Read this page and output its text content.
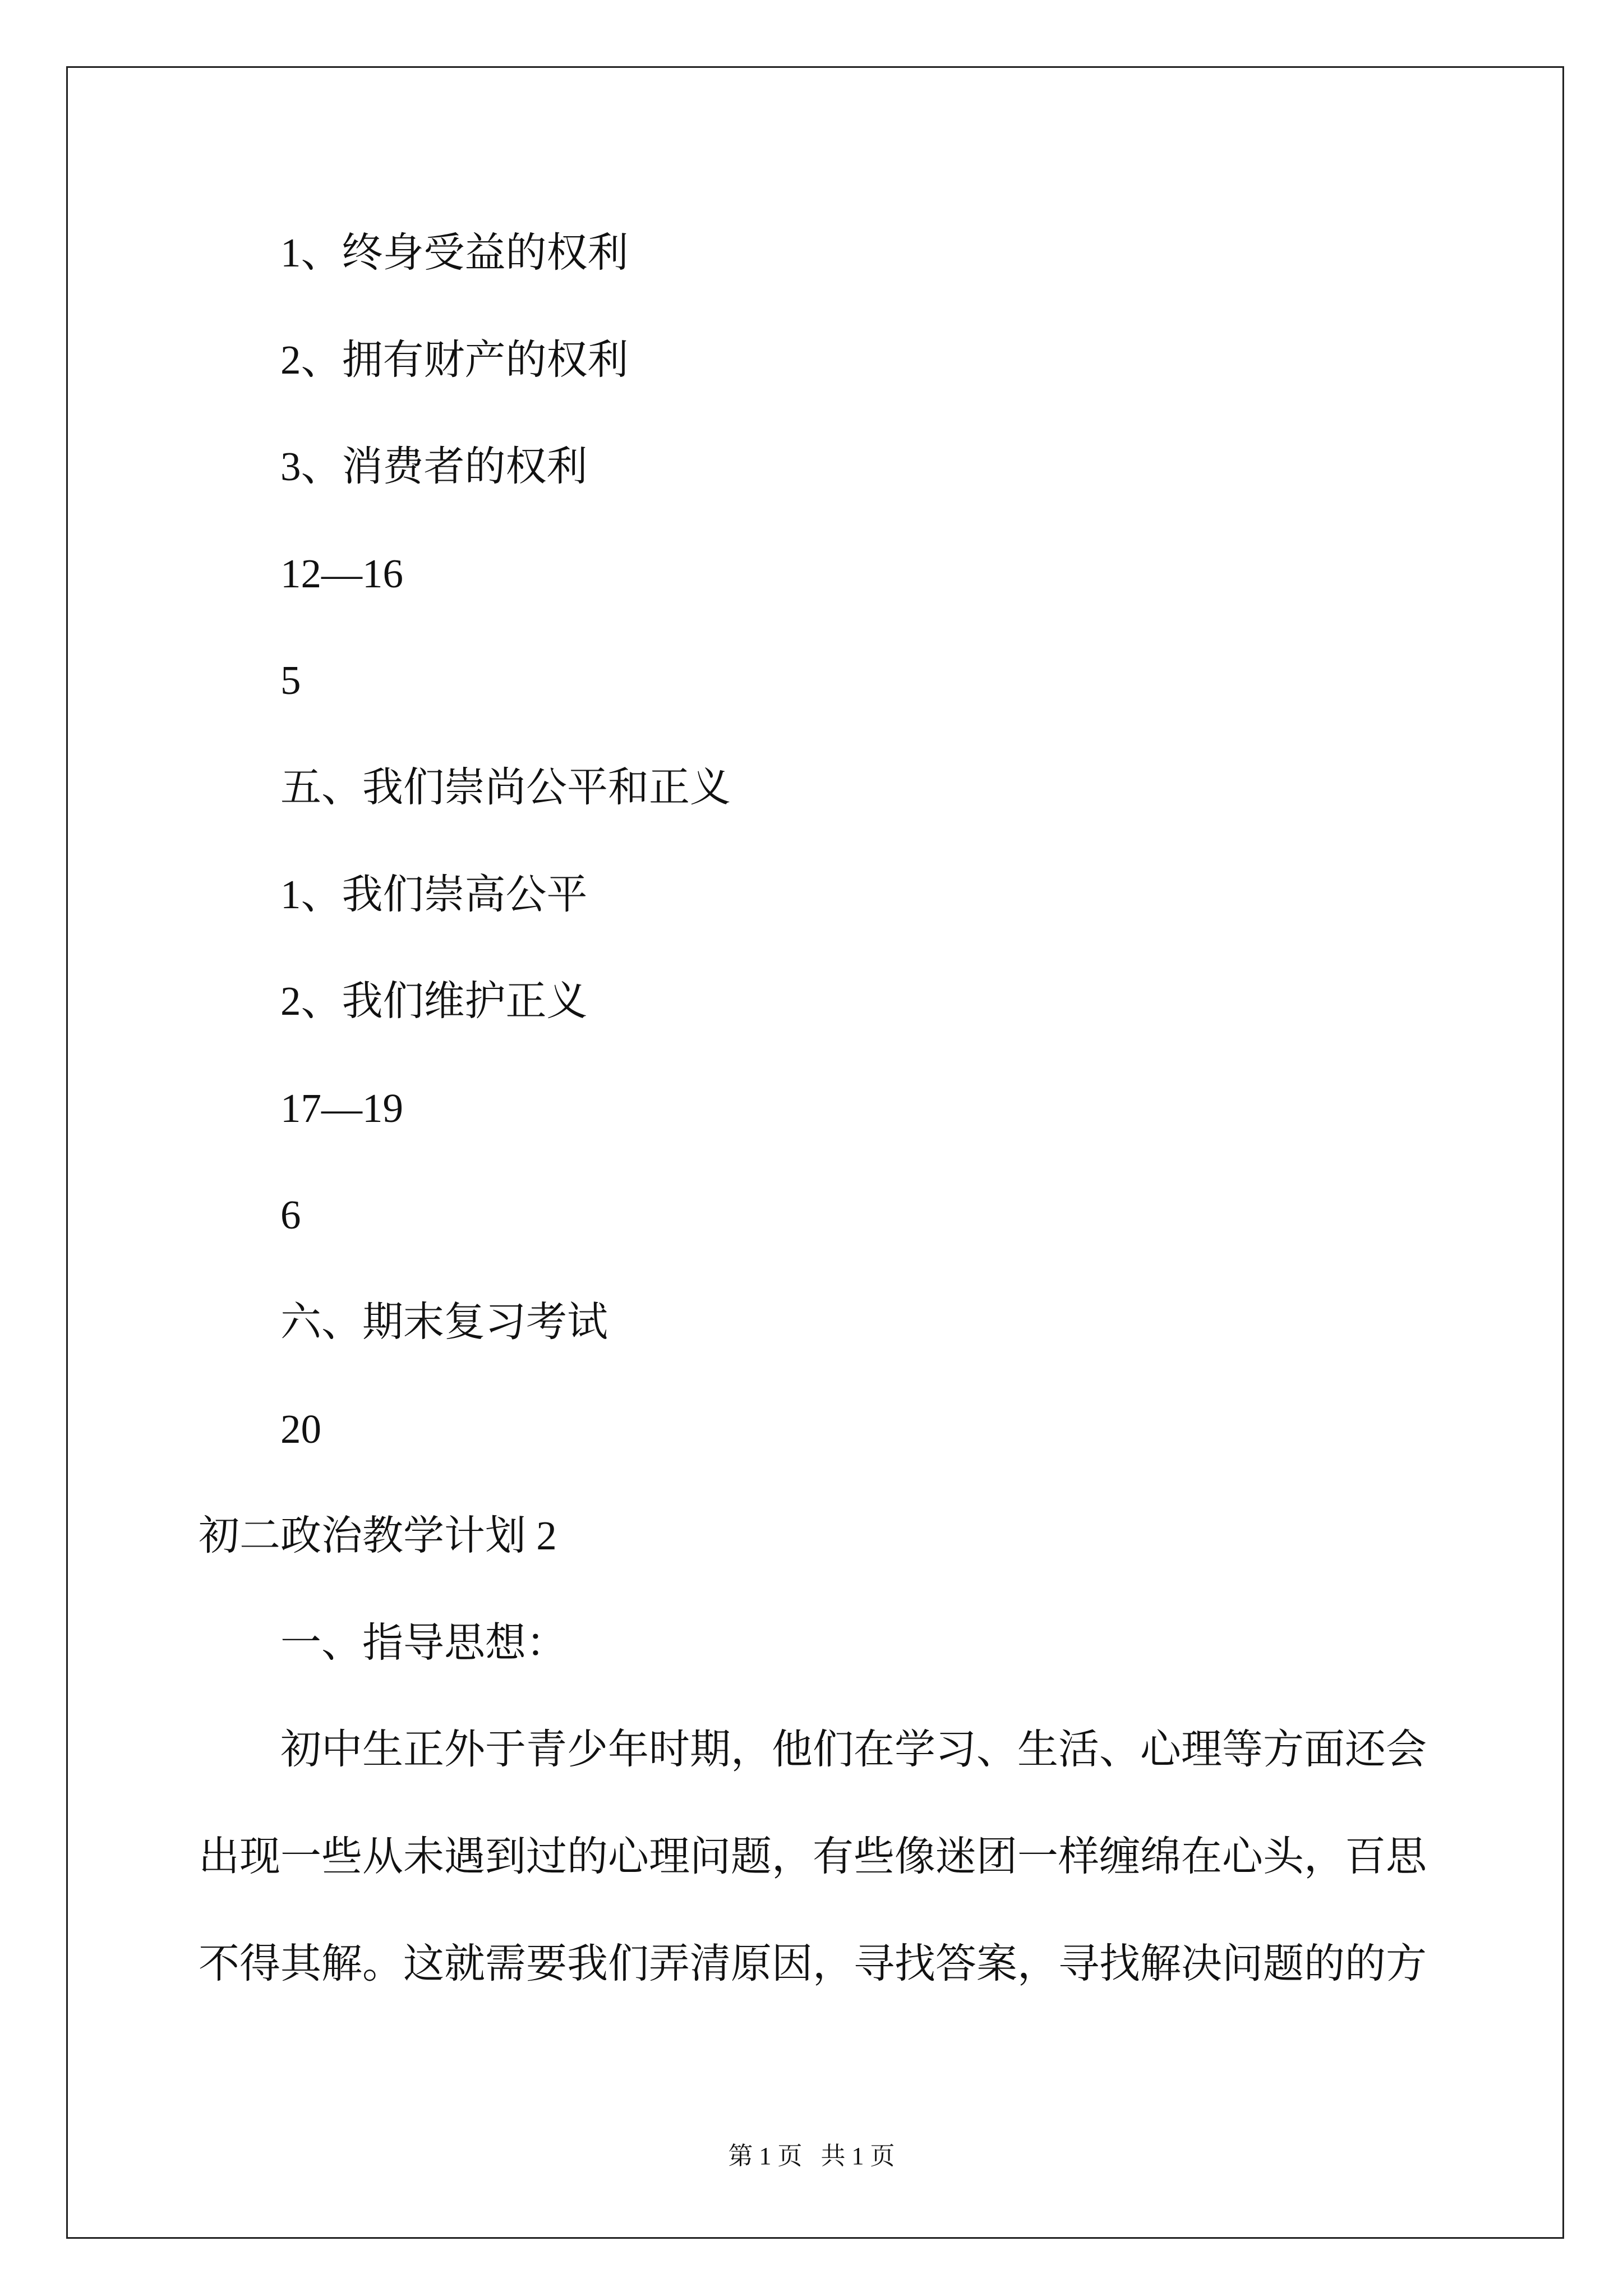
1、终身受益的权利
2、拥有财产的权利
3、消费者的权利
12—16
5
五、我们崇尚公平和正义
1、我们崇高公平
2、我们维护正义
17—19
6
六、期末复习考试
20
初二政治教学计划 2
一、指导思想：
初中生正外于青少年时期，他们在学习、生活、心理等方面还会
出现一些从未遇到过的心理问题，有些像迷团一样缠绵在心头，百思
不得其解。这就需要我们弄清原因，寻找答案，寻找解决问题的的方
第 1 页   共 1 页
